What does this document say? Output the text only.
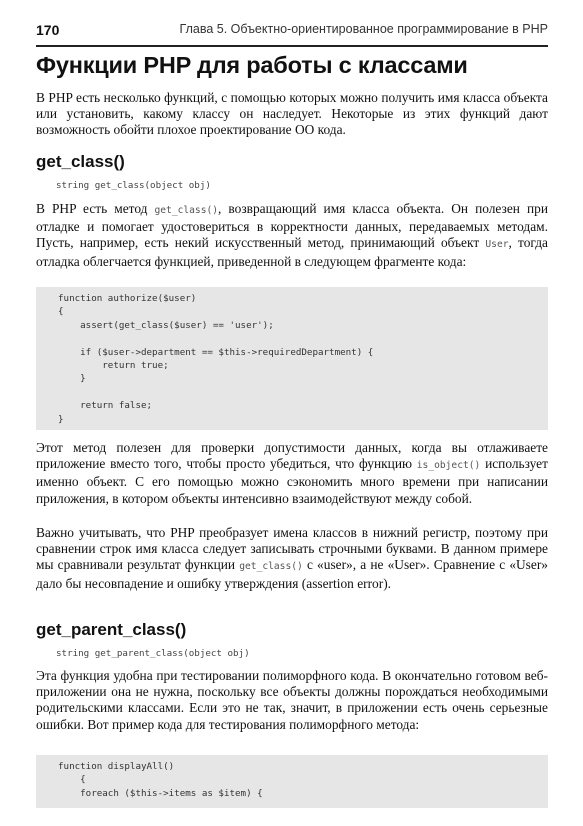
170	Глава 5. Объектно-ориентированное программирование в PHP
Функции PHP для работы с классами

В PHP есть несколько функций, с помощью которых можно получить имя класса объекта или установить, какому классу он наследует. Некоторые из этих функций дают возможность обойти плохое проектирование ОО кода.

get_class()
string get_class(object obj)

В PHP есть метод get_class(), возвращающий имя класса объекта. Он полезен при отладке и помогает удостовериться в корректности данных, передаваемых методам. Пусть, например, есть некий искусственный метод, принимающий объект User, тогда отладка облегчается функцией, приведенной в следующем фрагменте кода:

function authorize($user)
{
assert(get_class($user) == 'user');

if ($user->department == $this->requiredDepartment) {
return true;
}

return false;
}

Этот метод полезен для проверки допустимости данных, когда вы отлаживаете приложение вместо того, чтобы просто убедиться, что функцию is_object() использует именно объект. С его помощью можно сэкономить много времени при написании приложения, в котором объекты интенсивно взаимодействуют между собой.

Важно учитывать, что PHP преобразует имена классов в нижний регистр, поэтому при сравнении строк имя класса следует записывать строчными буквами. В данном примере мы сравнивали результат функции get_class() с «user», а не «User». Сравнение с «User» дало бы несовпадение и ошибку утверждения (assertion error).

get_parent_class()
string get_parent_class(object obj)

Эта функция удобна при тестировании полиморфного кода. В окончательно готовом веб-приложении она не нужна, поскольку все объекты должны порождаться необходимыми родительскими классами. Если это не так, значит, в приложении есть очень серьезные ошибки. Вот пример кода для тестирования полиморфного метода:

function displayAll()
{
foreach ($this->items as $item) {
